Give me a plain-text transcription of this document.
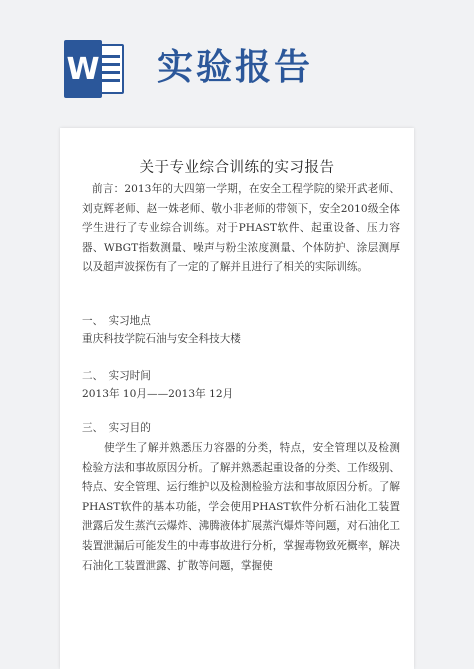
W 实验报告
关于专业综合训练的实习报告
前言：2013年的大四第一学期，在安全工程学院的梁开武老师、刘克辉老师、赵一姝老师、敬小非老师的带领下，安全2010级全体学生进行了专业综合训练。对于PHAST软件、起重设备、压力容器、WBGT指数测量、噪声与粉尘浓度测量、个体防护、涂层测厚以及超声波探伤有了一定的了解并且进行了相关的实际训练。
一、　实习地点
重庆科技学院石油与安全科技大楼
二、　实习时间
2013年 10月——2013年 12月
三、　实习目的
使学生了解并熟悉压力容器的分类，特点，安全管理以及检测检验方法和事故原因分析。了解并熟悉起重设备的分类、工作级别、特点、安全管理、运行维护以及检测检验方法和事故原因分析。了解PHAST软件的基本功能，学会使用PHAST软件分析石油化工装置泄露后发生蒸汽云爆炸、沸腾液体扩展蒸汽爆炸等问题，对石油化工装置泄漏后可能发生的中毒事故进行分析，掌握毒物致死概率，解决石油化工装置泄露、扩散等问题，掌握使
